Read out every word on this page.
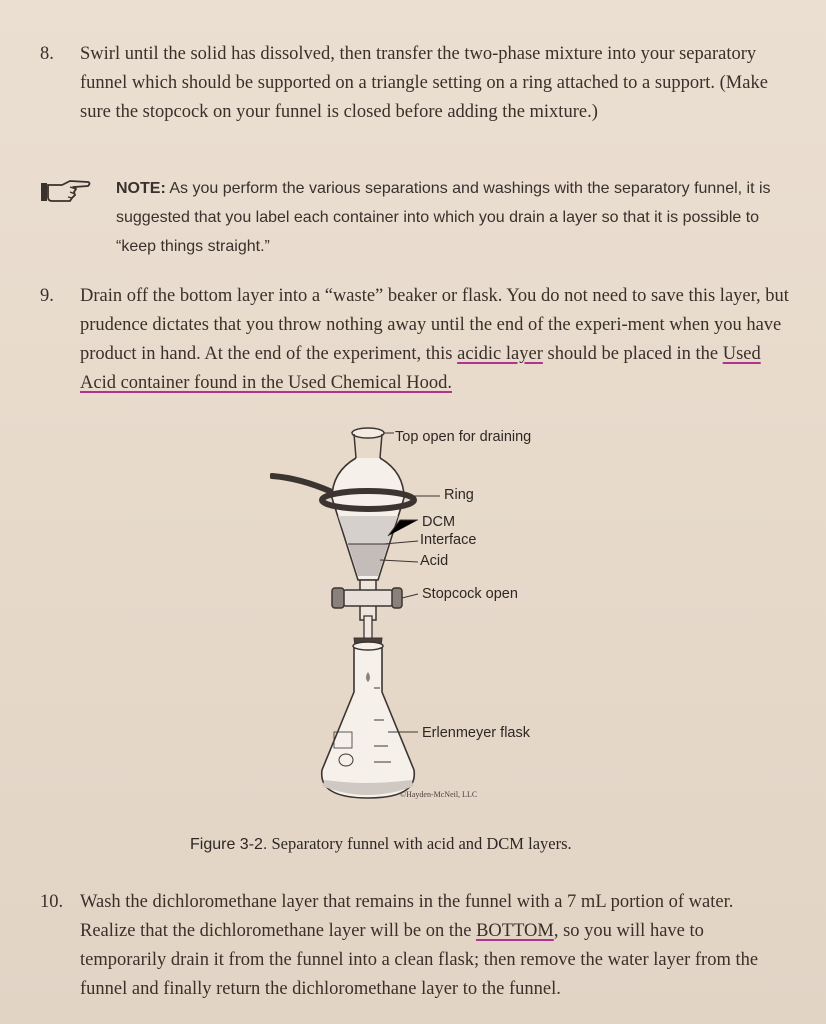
8. Swirl until the solid has dissolved, then transfer the two-phase mixture into your separatory funnel which should be supported on a triangle setting on a ring attached to a support. (Make sure the stopcock on your funnel is closed before adding the mixture.)
NOTE: As you perform the various separations and washings with the separatory funnel, it is suggested that you label each container into which you drain a layer so that it is possible to “keep things straight.”
9. Drain off the bottom layer into a “waste” beaker or flask. You do not need to save this layer, but prudence dictates that you throw nothing away until the end of the experi-ment when you have product in hand. At the end of the experiment, this acidic layer should be placed in the Used Acid container found in the Used Chemical Hood.
Top open for draining
Ring
DCM
Interface
Acid
Stopcock open
Erlenmeyer flask
©Hayden-McNeil, LLC
Figure 3-2. Separatory funnel with acid and DCM layers.
10. Wash the dichloromethane layer that remains in the funnel with a 7 mL portion of water. Realize that the dichloromethane layer will be on the BOTTOM, so you will have to temporarily drain it from the funnel into a clean flask; then remove the water layer from the funnel and finally return the dichloromethane layer to the funnel.
